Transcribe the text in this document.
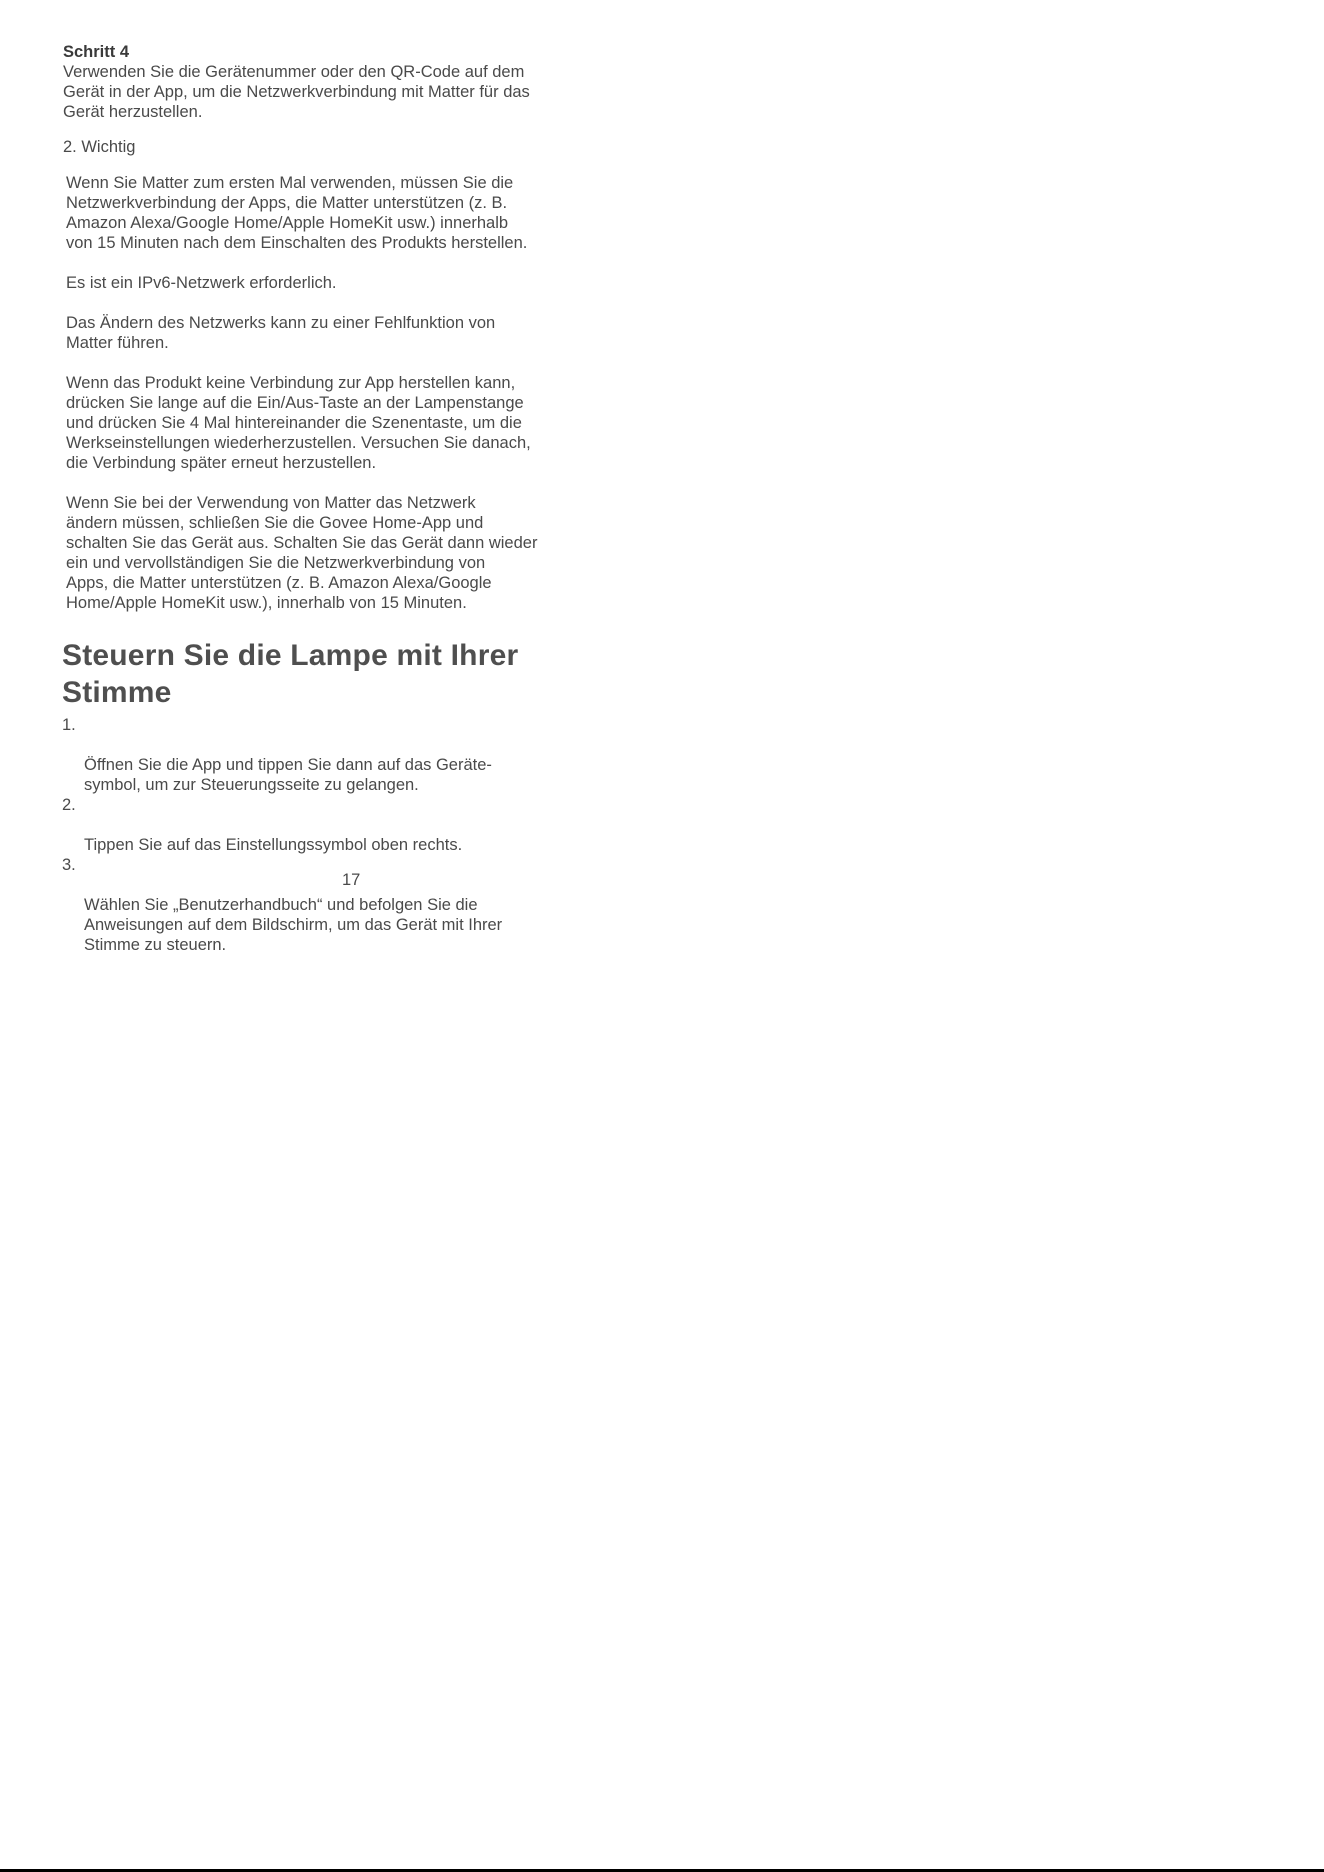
Schritt 4

Verwenden Sie die Gerätenummer oder den QR-Code auf dem
Gerät in der App, um die Netzwerkverbindung mit Matter für das
Gerät herzustellen.

2. Wichtig

Wenn Sie Matter zum ersten Mal verwenden, müssen Sie die
Netzwerkverbindung der Apps, die Matter unterstützen (z. B.
Amazon Alexa/Google Home/Apple HomeKit usw.) innerhalb
von 15 Minuten nach dem Einschalten des Produkts herstellen.

Es ist ein IPv6-Netzwerk erforderlich.

Das Ändern des Netzwerks kann zu einer Fehlfunktion von
Matter führen.

Wenn das Produkt keine Verbindung zur App herstellen kann,
drücken Sie lange auf die Ein/Aus-Taste an der Lampenstange
und drücken Sie 4 Mal hintereinander die Szenentaste, um die
Werkseinstellungen wiederherzustellen. Versuchen Sie danach,
die Verbindung später erneut herzustellen.

Wenn Sie bei der Verwendung von Matter das Netzwerk
ändern müssen, schließen Sie die Govee Home-App und
schalten Sie das Gerät aus. Schalten Sie das Gerät dann wieder
ein und vervollständigen Sie die Netzwerkverbindung von
Apps, die Matter unterstützen (z. B. Amazon Alexa/Google
Home/Apple HomeKit usw.), innerhalb von 15 Minuten.

Steuern Sie die Lampe mit Ihrer
Stimme

1.

Öffnen Sie die App und tippen Sie dann auf das Geräte-
symbol, um zur Steuerungsseite zu gelangen.

2.

Tippen Sie auf das Einstellungssymbol oben rechts.

3.

Wählen Sie „Benutzerhandbuch“ und befolgen Sie die
Anweisungen auf dem Bildschirm, um das Gerät mit Ihrer
Stimme zu steuern.

17
